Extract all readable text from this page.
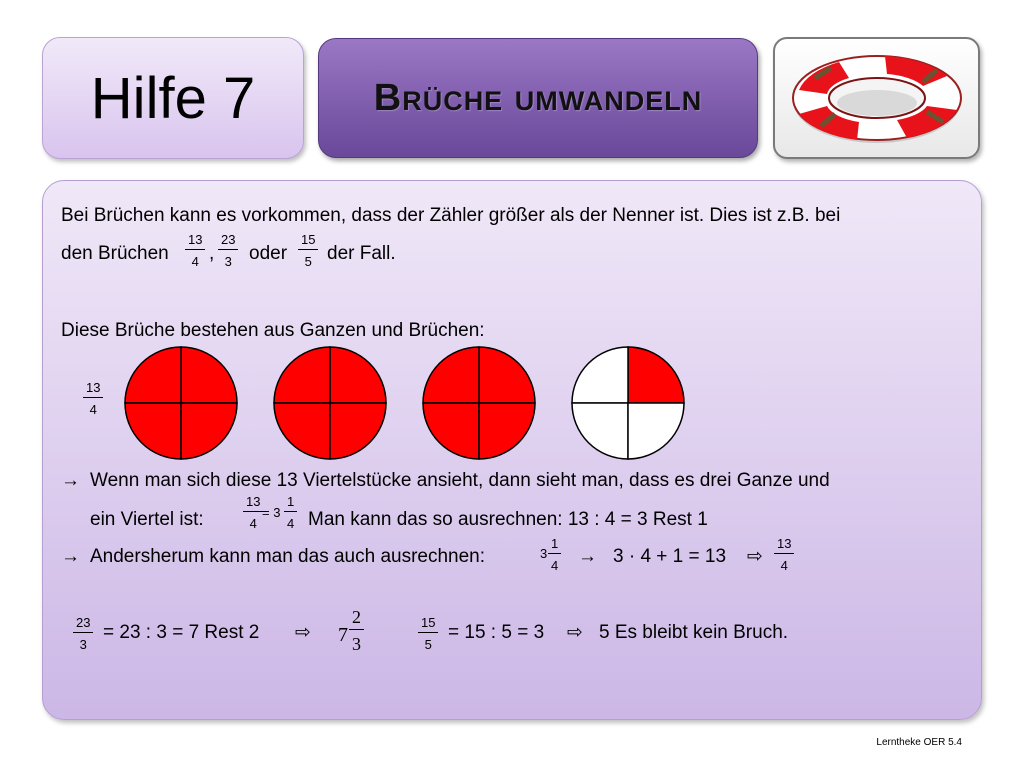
Hilfe 7	Brüche umwandeln
Bei Brüchen kann es vorkommen, dass der Zähler größer als der Nenner ist. Dies ist z.B. bei
den Brüchen
13
4 ,
23
3 oder
15
5 der Fall.
Diese Brüche bestehen aus Ganzen und Brüchen:
13
4
→ Wenn man sich diese 13 Viertelstücke ansieht, dann sieht man, dass es drei Ganze und
ein Viertel ist:
13
4
= 3
1
4 Man kann das so ausrechnen: 13 : 4 = 3 Rest 1
→ Andersherum kann man das auch ausrechnen:	3
1
4 → 3 · 4 + 1 = 13 ⇨
13
4
23
3
= 23 : 3 = 7 Rest 2 ⇨ 7
2
3
15
5
= 15 : 5 = 3 ⇨ 5 Es bleibt kein Bruch.
Lerntheke OER 5.4
